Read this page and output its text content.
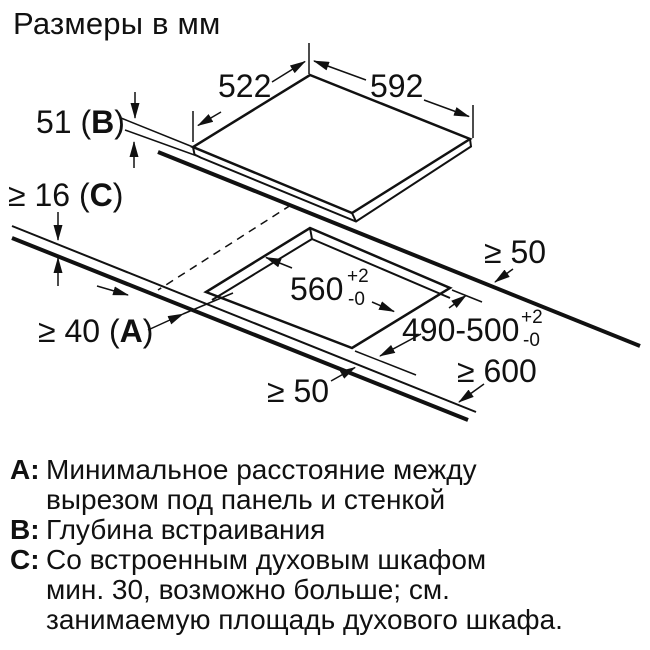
Размеры в мм
522	592
51 (B)
≥ 16 (C)
≥ 40 (A)
≥ 50
≥ 50
≥ 600
560 +2
-0
490-500 +2
-0
А: Минимальное расстояние между
вырезом под панель и стенкой
В: Глубина встраивания
С: Со встроенным духовым шкафом
мин. 30, возможно больше; см.
занимаемую площадь духового шкафа.
